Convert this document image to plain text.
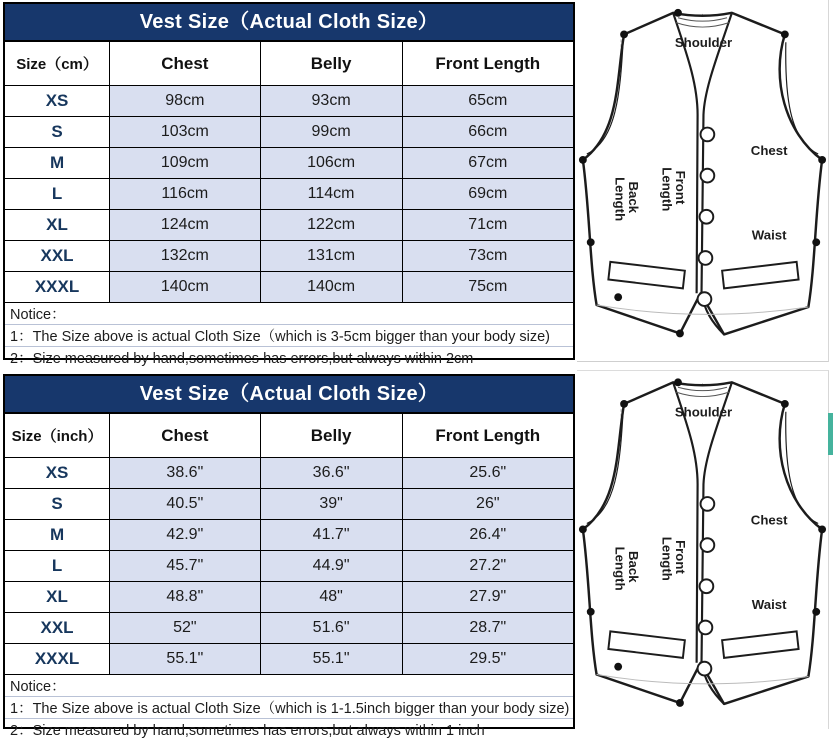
Vest Size（Actual Cloth Size）
Size（cm）	Chest	Belly	Front Length
XS	98cm	93cm	65cm
S	103cm	99cm	66cm
M	109cm	106cm	67cm
L	116cm	114cm	69cm
XL	124cm	122cm	71cm
XXL	132cm	131cm	73cm
XXXL	140cm	140cm	75cm
Notice：
1：The Size above is actual Cloth Size（which is 3-5cm bigger than your body size)
2：Size measured by hand,sometimes has errors,but always within 2cm
Vest Size（Actual Cloth Size）
Size（inch）	Chest	Belly	Front Length
XS	38.6"	36.6"	25.6"
S	40.5"	39"	26"
M	42.9"	41.7"	26.4"
L	45.7"	44.9"	27.2"
XL	48.8"	48"	27.9"
XXL	52"	51.6"	28.7"
XXXL	55.1"	55.1"	29.5"
Notice：
1：The Size above is actual Cloth Size（which is 1-1.5inch bigger than your body size)
2：Size measured by hand,sometimes has errors,but always within 1 inch
Shoulder
Chest
Waist
Back Length	Front Length
Shoulder
Chest
Waist
Back Length	Front Length
